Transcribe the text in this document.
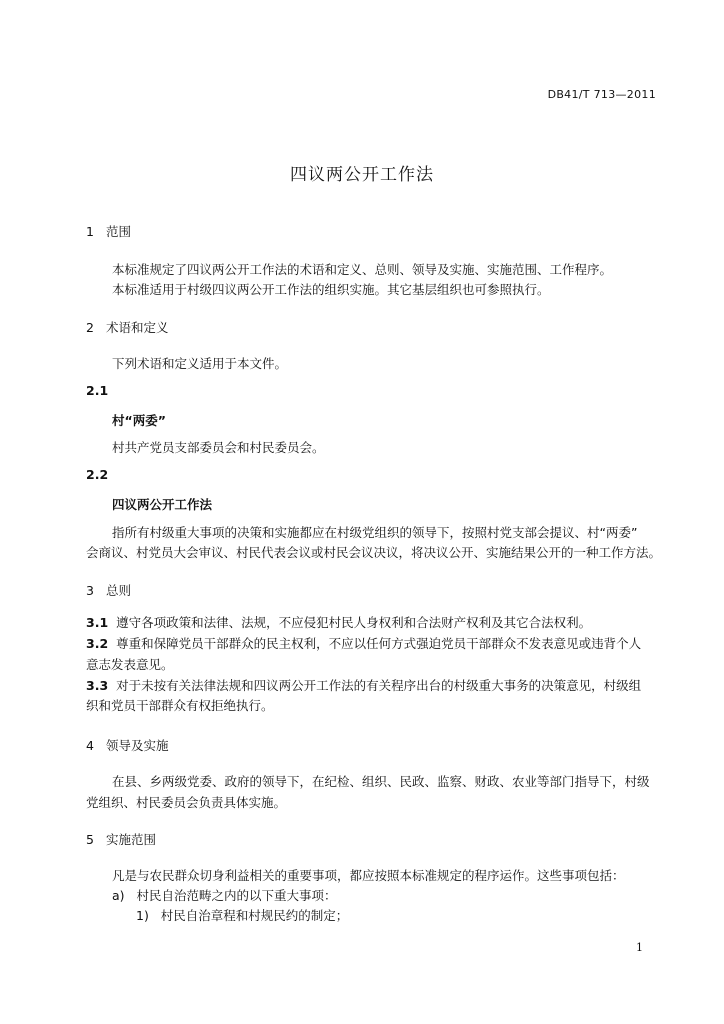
DB41/T 713—2011
四议两公开工作法
1 范围
本标准规定了四议两公开工作法的术语和定义、总则、领导及实施、实施范围、工作程序。
本标准适用于村级四议两公开工作法的组织实施。其它基层组织也可参照执行。
2 术语和定义
下列术语和定义适用于本文件。
2.1
村“两委”
村共产党员支部委员会和村民委员会。
2.2
四议两公开工作法
指所有村级重大事项的决策和实施都应在村级党组织的领导下，按照村党支部会提议、村“两委”
会商议、村党员大会审议、村民代表会议或村民会议决议，将决议公开、实施结果公开的一种工作方法。
3 总则
3.1 遵守各项政策和法律、法规，不应侵犯村民人身权利和合法财产权利及其它合法权利。
3.2 尊重和保障党员干部群众的民主权利，不应以任何方式强迫党员干部群众不发表意见或违背个人
意志发表意见。
3.3 对于未按有关法律法规和四议两公开工作法的有关程序出台的村级重大事务的决策意见，村级组
织和党员干部群众有权拒绝执行。
4 领导及实施
在县、乡两级党委、政府的领导下，在纪检、组织、民政、监察、财政、农业等部门指导下，村级
党组织、村民委员会负责具体实施。
5 实施范围
凡是与农民群众切身利益相关的重要事项，都应按照本标准规定的程序运作。这些事项包括：
a) 村民自治范畴之内的以下重大事项：
1) 村民自治章程和村规民约的制定；
1
